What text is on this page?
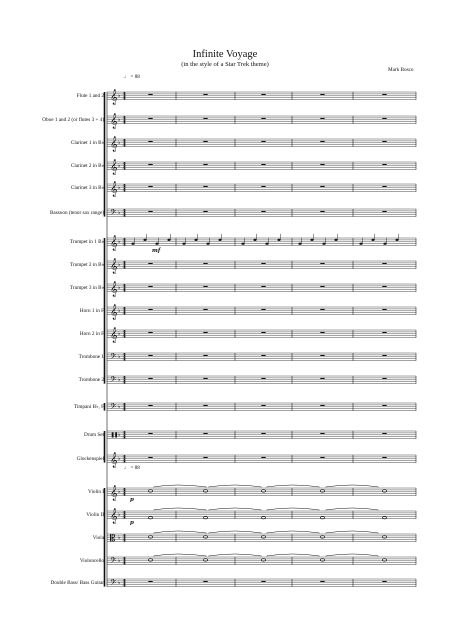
Infinite Voyage
(in the style of a Star Trek theme)
Mark Bosco
♩ = 88
♩ = 88
𝄞 ♭ 4
4
𝄞 ♭ 4
4
𝄞 ♭ 4
4
𝄞 ♭ 4
4
𝄞 ♭ 4
4
𝄢 ♭ 4
4
𝄞 ♭ 4
4
𝄞 ♭ 4
4
𝄞 ♭ 4
4
𝄞 ♭ 4
4
𝄞 ♭ 4
4
𝄢 ♭ 4
4
𝄢 ♭ 4
4
𝄢 ♭ 4
4
▐▐ ♭ 4
4
𝄞 ♭ 4
4
𝄞 ♭ 4
4
𝄞 ♭ 4
4
𝄡 ♭ 4
4
𝄢 ♭ 4
4
𝄢 ♭ 4
4
mf
p
p
Flute 1 and 2
Oboe 1 and 2 (or flutes 3 + 4)
Clarinet 1 in B♭
Clarinet 2 in B♭
Clarinet 3 in B♭
Bassoon (tenor sax range)
Trumpet in 1 B♭
Trumpet 2 in B♭
Trumpet 3 in B♭
Horn 1 in F
Horn 2 in F
Trombone 1
Trombone 2
Timpani B♭, F
Drum Set
Glockenspiel
Violin I
Violin II
Viola
Violoncello
Double Bass/ Bass Guitar
